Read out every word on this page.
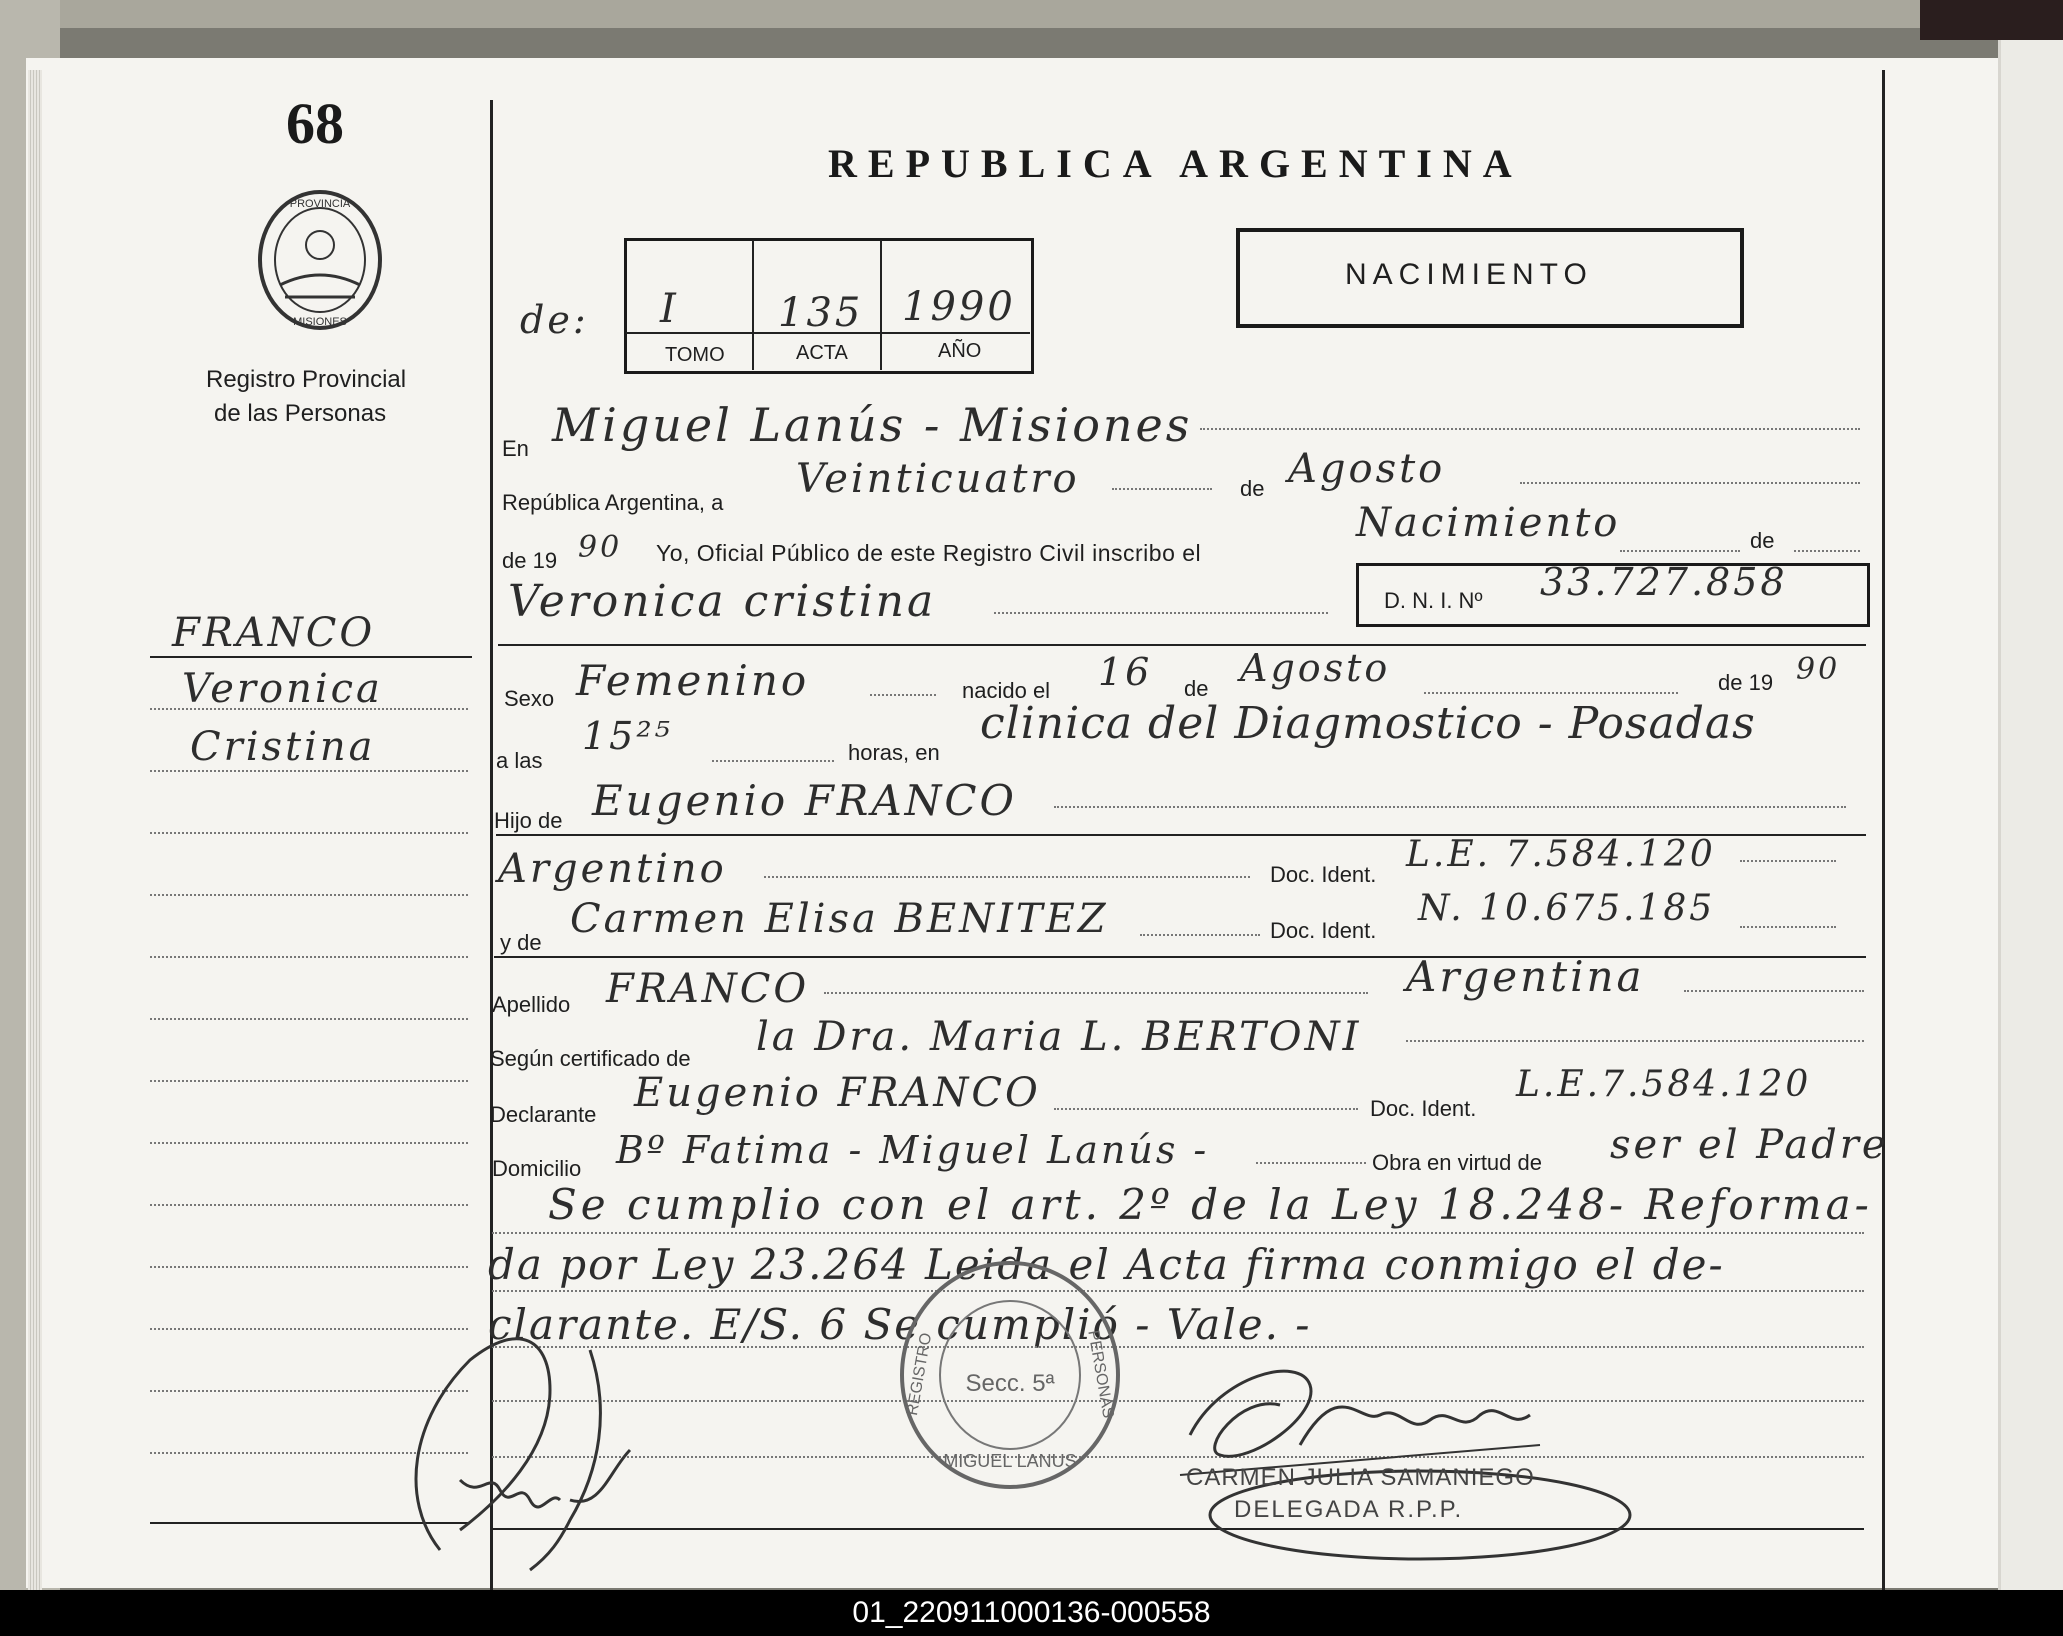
68
PROVINCIA
MISIONES
Registro Provincial
de las Personas
REPUBLICA ARGENTINA
de: I 135 1990
TOMO	ACTA	AÑO
NACIMIENTO
FRANCO
Veronica
Cristina
En Miguel Lanús - Misiones
República Argentina, a
Veinticuatro	de Agosto
de 19 90 Yo, Oficial Público de este Registro Civil inscribo el
Nacimiento	de
Veronica cristina	D. N. I. Nº 33.727.858
Sexo Femenino	nacido el 16 de Agosto	de 19 90
a las
15²⁵	horas, en
clinica del Diagmostico - Posadas
Hijo de Eugenio FRANCO
Argentino	Doc. Ident. L.E. 7.584.120
y de
Carmen Elisa BENITEZ	Doc. Ident.
N. 10.675.185
Apellido FRANCO	Argentina
Según certificado de la Dra. Maria L. BERTONI
Declarante Eugenio FRANCO	Doc. Ident.
L.E.7.584.120
Domicilio Bº Fatima - Miguel Lanús -	Obra en virtud de ser el Padre
Se cumplio con el art. 2º de la Ley 18.248- Reforma-
da por Ley 23.264 Leida el Acta firma conmigo el de-
clarante. E/S. 6 Se cumplió - Vale. -
Secc. 5ª
MIGUEL LANUS
REGISTRO	PERSONAS
CARMEN JULIA SAMANIEGO
DELEGADA R.P.P.
01_220911000136-000558
